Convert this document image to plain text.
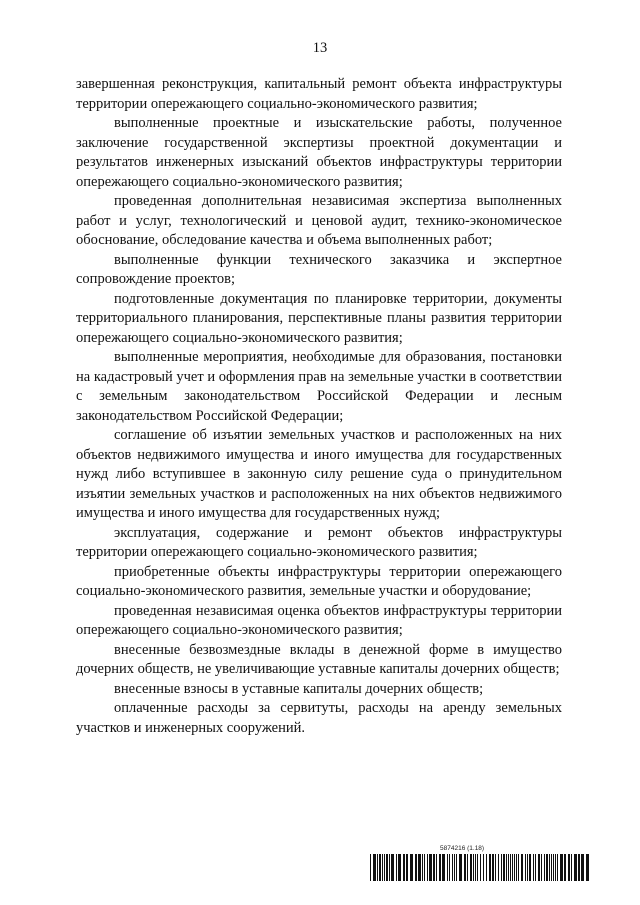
13

завершенная реконструкция, капитальный ремонт объекта инфраструктуры территории опережающего социально-экономического развития;

выполненные проектные и изыскательские работы, полученное заключение государственной экспертизы проектной документации и результатов инженерных изысканий объектов инфраструктуры территории опережающего социально-экономического развития;

проведенная дополнительная независимая экспертиза выполненных работ и услуг, технологический и ценовой аудит, технико-экономическое обоснование, обследование качества и объема выполненных работ;

выполненные функции технического заказчика и экспертное сопровождение проектов;

подготовленные документация по планировке территории, документы территориального планирования, перспективные планы развития территории опережающего социально-экономического развития;

выполненные мероприятия, необходимые для образования, постановки на кадастровый учет и оформления прав на земельные участки в соответствии с земельным законодательством Российской Федерации и лесным законодательством Российской Федерации;

соглашение об изъятии земельных участков и расположенных на них объектов недвижимого имущества и иного имущества для государственных нужд либо вступившее в законную силу решение суда о принудительном изъятии земельных участков и расположенных на них объектов недвижимого имущества и иного имущества для государственных нужд;

эксплуатация, содержание и ремонт объектов инфраструктуры территории опережающего социально-экономического развития;

приобретенные объекты инфраструктуры территории опережающего социально-экономического развития, земельные участки и оборудование;

проведенная независимая оценка объектов инфраструктуры территории опережающего социально-экономического развития;

внесенные безвозмездные вклады в денежной форме в имущество дочерних обществ, не увеличивающие уставные капиталы дочерних обществ;

внесенные взносы в уставные капиталы дочерних обществ;

оплаченные расходы за сервитуты, расходы на аренду земельных участков и инженерных сооружений.

5874216 (1.18)
